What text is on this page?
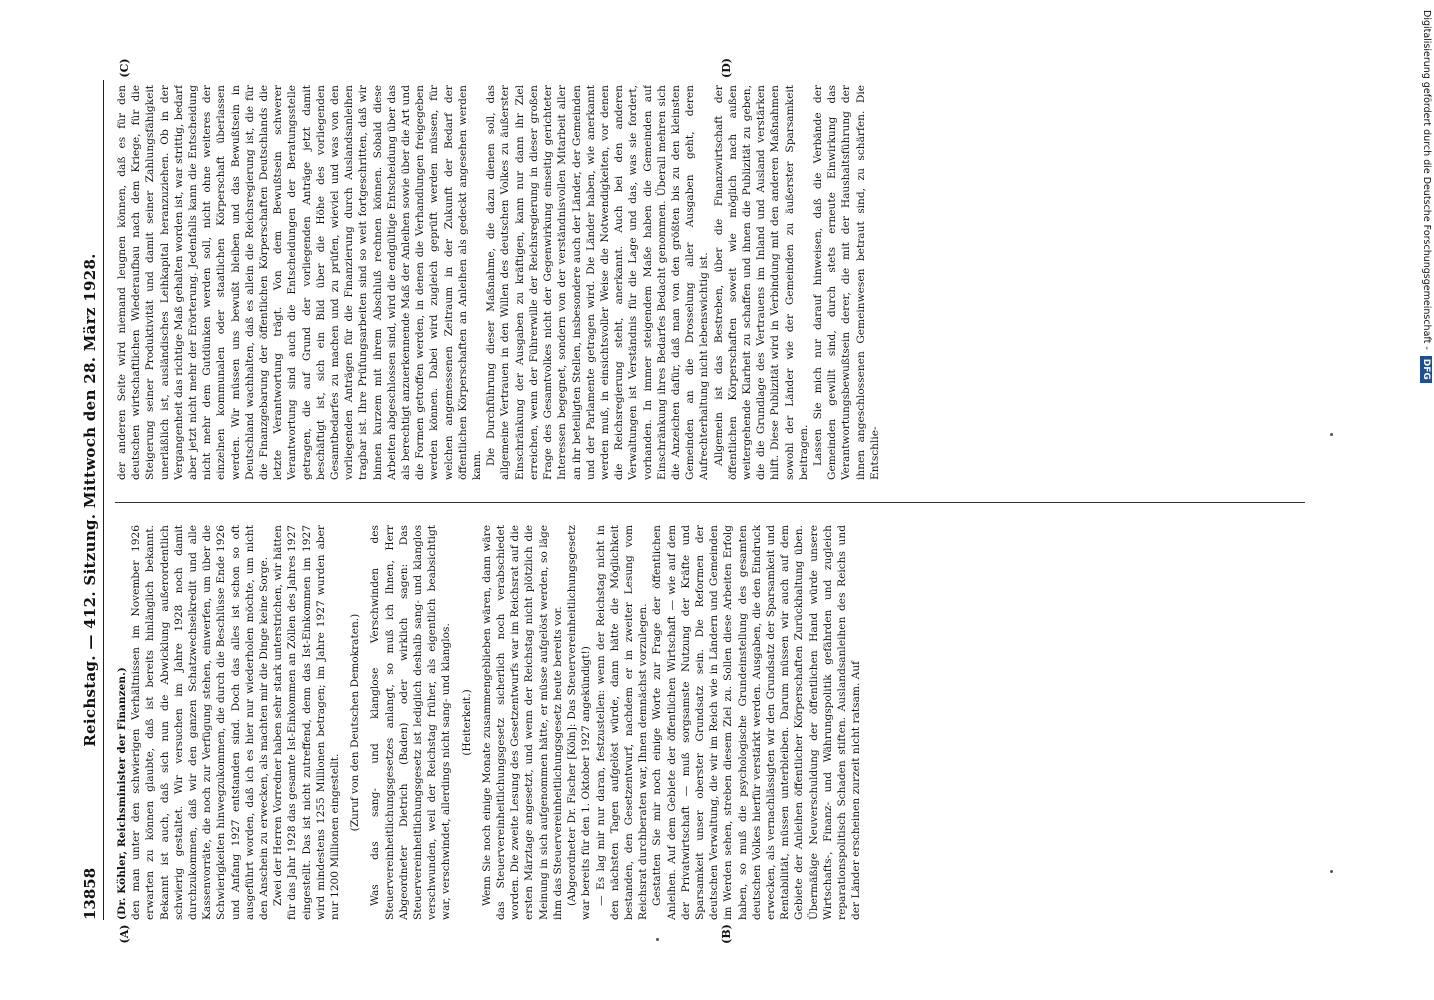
13858
Reichstag. — 412. Sitzung. Mittwoch den 28. März 1928.

(Dr. Köhler, Reichsminister der Finanzen.) den man unter den schwierigen Verhältnissen im November 1926 erwarten zu können glaubte, daß ist bereits hinlänglich bekannt. Bekannt ist auch, daß sich nun die Abwicklung außerordentlich schwierig gestaltet. Wir versuchen im Jahre 1928 noch damit durchzukommen, daß wir den ganzen Schatzwechselkredit und alle Kassenvorräte, die noch zur Verfügung stehen, einwerfen, um über die Schwierigkeiten hinwegzukommen, die durch die Beschlüsse Ende 1926 und Anfang 1927 entstanden sind. Doch das alles ist schon so oft ausgeführt worden, daß ich es hier nur wiederholen möchte, um nicht den Anschein zu erwecken, als machten mir die Dinge keine Sorge. Zwei der Herren Vorredner haben sehr stark unterstrichen, wir hätten für das Jahr 1928 das gesamte Ist-Einkommen an Zöllen des Jahres 1927 eingestellt. Das ist nicht zutreffend, denn das Ist-Einkommen im 1927 wird mindestens 1255 Millionen betragen; im Jahre 1927 wurden aber nur 1200 Millionen eingestellt.

(Zuruf von den Deutschen Demokraten.) Was das sang- und klanglose Verschwinden des Steuervereinheitlichungsgesetzes anlangt, so muß ich Ihnen, Herr Abgeordneter Dietrich (Baden) oder wirklich sagen: Das Steuervereinheitlichungsgesetz ist lediglich deshalb sang- und klanglos verschwunden, weil der Reichstag früher, als eigentlich beabsichtigt war, verschwindet, allerdings nicht sang- und klanglos. (Heiterkeit.) Wenn Sie noch einige Monate zusammengeblieben wären, dann wäre das Steuervereinheitlichungsgesetz sicherlich noch verabschiedet worden. Die zweite Lesung des Gesetzentwurfs war im Reichsrat auf die ersten Märztage angesetzt, und wenn der Reichstag nicht plötzlich die Meinung in sich aufgenommen hätte, er müsse aufgelöst werden, so läge ihm das Steuervereinheitlichungsgesetz heute bereits vor. (Abgeordneter Dr. Fischer [Köln]: Das Steuervereinheitlichungsgesetz war bereits für den 1. Oktober 1927 angekündigt!) — Es lag mir nur daran, festzustellen: wenn der Reichstag nicht in den nächsten Tagen aufgelöst würde, dann hätte die Möglichkeit bestanden, den Gesetzentwurf, nachdem er in zweiter Lesung vom Reichsrat durchberaten war, Ihnen demnächst vorzulegen. Gestatten Sie mir noch einige Worte zur Frage der öffentlichen Anleihen. Auf dem Gebiete der öffentlichen Wirtschaft — wie auf dem der Privatwirtschaft — muß sorgsamste Nutzung der Kräfte und Sparsamkeit unser oberster Grundsatz sein. Die Reformen der deutschen Verwaltung, die wir im Reich wie in Ländern und Gemeinden im Werden sehen, streben diesem Ziel zu. Sollen diese Arbeiten Erfolg haben, so muß die psychologische Grundeinstellung des gesamten deutschen Volkes hierfür verstärkt werden. Ausgaben, die den Eindruck erwecken, als vernachlässigten wir den Grundsatz der Sparsamkeit und Rentabilität, müssen unterbleiben. Darum müssen wir auch auf dem Gebiete der Anleihen öffentlicher Körperschaften Zurückhaltung üben. Übermäßige Neuverschuldung der öffentlichen Hand würde unsere Wirtschafts-, Finanz- und Währungspolitik gefährden und zugleich reparationspolitisch Schaden stiften. Auslandsanleihen des Reichs und der Länder erscheinen zurzeit nicht ratsam. Auf

der anderen Seite wird niemand leugnen können, daß es für den deutschen wirtschaftlichen Wiederaufbau nach dem Kriege, für die Steigerung seiner Produktivität und damit seiner Zahlungsfähigkeit unerläßlich ist, ausländisches Leihkapital heranzuziehen. Ob in der Vergangenheit das richtige Maß gehalten worden ist, war strittig, bedarf aber jetzt nicht mehr der Erörterung. Jedenfalls kann die Entscheidung nicht mehr dem Gutdünken werden soll, nicht ohne weiteres der einzelnen kommunalen oder staatlichen Körperschaft überlassen werden. Wir müssen uns bewußt bleiben und das Bewußtsein in Deutschland wachhalten, daß es allein die Reichsregierung ist, die für die Finanzgebarung der öffentlichen Körperschaften Deutschlands die letzte Verantwortung trägt. Von dem Bewußtsein schwerer Verantwortung sind auch die Entscheidungen der Beratungsstelle getragen, die auf Grund der vorliegenden Anträge jetzt damit beschäftigt ist, sich ein Bild über die Höhe des vorliegenden Gesamtbedarfes zu machen und zu prüfen, wieviel und was von den vorliegenden Anträgen für die Finanzierung durch Auslandsanleihen tragbar ist. Ihre Prüfungsarbeiten sind so weit fortgeschritten, daß wir binnen kurzem mit ihrem Abschluß rechnen können. Sobald diese Arbeiten abgeschlossen sind, wird die endgültige Entscheidung über das als berechtigt anzuerkennende Maß der Anleihen sowie über die Art und die Formen getroffen werden, in denen die Verhandlungen freigegeben werden können. Dabei wird zugleich geprüft werden müssen, für welchen angemessenen Zeitraum in der Zukunft der Bedarf der öffentlichen Körperschaften an Anleihen als gedeckt angesehen werden kann. Die Durchführung dieser Maßnahme, die dazu dienen soll, das allgemeine Vertrauen in den Willen des deutschen Volkes zu äußerster Einschränkung der Ausgaben zu kräftigen, kann nur dann ihr Ziel erreichen, wenn der Führerwille der Reichsregierung in dieser großen Frage des Gesamtvolkes nicht der Gegenwirkung einseitig gerichteter Interessen begegnet, sondern von der verständnisvollen Mitarbeit aller an ihr beteiligten Stellen, insbesondere auch der Länder, der Gemeinden und der Parlamente getragen wird. Die Länder haben, wie anerkannt werden muß, in einsichtsvoller Weise die Notwendigkeiten, vor denen die Reichsregierung steht, anerkannt. Auch bei den anderen Verwaltungen ist Verständnis für die Lage und das, was sie fordert, vorhanden. In immer steigendem Maße haben die Gemeinden auf Einschränkung ihres Bedarfes Bedacht genommen. Überall mehren sich die Anzeichen dafür, daß man von den größten bis zu den kleinsten Gemeinden an die Drosselung aller Ausgaben geht, deren Aufrechterhaltung nicht lebenswichtig ist. Allgemein ist das Bestreben, über die Finanzwirtschaft der öffentlichen Körperschaften soweit wie möglich nach außen weitergehende Klarheit zu schaffen und ihnen die Publizität zu geben, die die Grundlage des Vertrauens im Inland und Ausland verstärken hilft. Diese Publizität wird in Verbindung mit den anderen Maßnahmen sowohl der Länder wie der Gemeinden zu äußerster Sparsamkeit beitragen. Lassen Sie mich nur darauf hinweisen, daß die Verbände der Gemeinden gewillt sind, durch stets erneute Einwirkung das Verantwortungsbewußtsein derer, die mit der Haushaltsführung der ihnen angeschlossenen Gemeinwesen betraut sind, zu schärfen. Die Entschlie-

(A)	(B)
(C)	(D)	Digitalisierung gefördert durch die Deutsche Forschungsgemeinschaft - DFG
